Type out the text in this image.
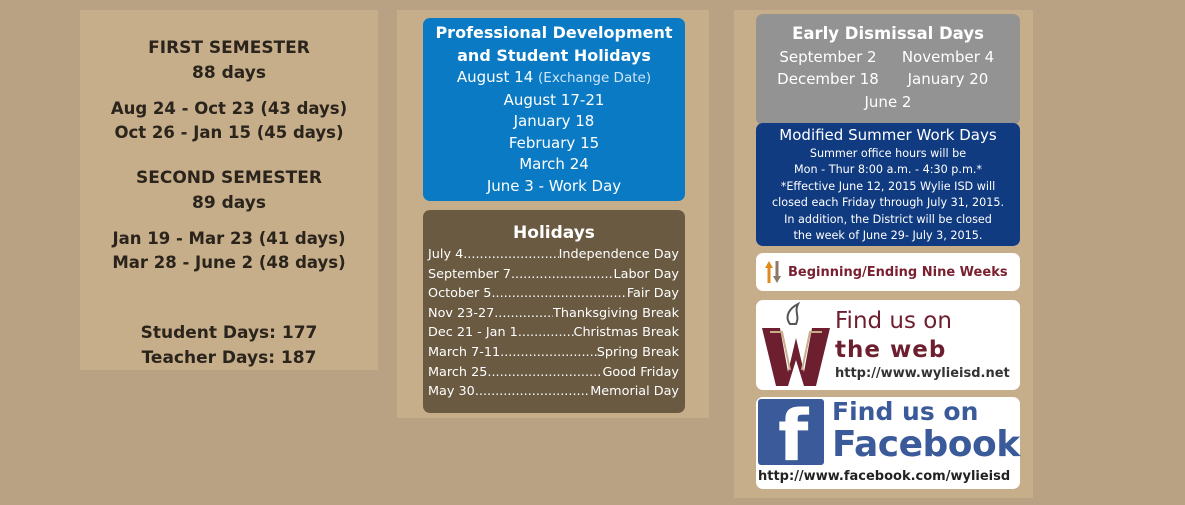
FIRST SEMESTER
88 days
Aug 24 - Oct 23 (43 days)
Oct 26 - Jan 15 (45 days)
SECOND SEMESTER
89 days
Jan 19 - Mar 23 (41 days)
Mar 28 - June 2 (48 days)
Student Days: 177
Teacher Days: 187
Professional Development
and Student Holidays
August 14 (Exchange Date)
August 17-21
January 18
February 15
March 24
June 3 - Work Day
Holidays
July 4 .....	Independence Day
September 7 .....	Labor Day
October 5 .....	Fair Day
Nov 23-27 .....	Thanksgiving Break
Dec 21 - Jan 1 .....	Christmas Break
March 7-11 .....	Spring Break
March 25 .....	Good Friday
May 30 .....	Memorial Day
Early Dismissal Days
September 2	November 4
December 18	January 20
June 2
Modified Summer Work Days
Summer office hours will be
Mon - Thur 8:00 a.m. - 4:30 p.m.*
*Effective June 12, 2015 Wylie ISD will
closed each Friday through July 31, 2015.
In addition, the District will be closed
the week of June 29- July 3, 2015.
Beginning/Ending Nine Weeks
Find us on
the web
http://www.wylieisd.net
f Find us on
Facebook
http://www.facebook.com/wylieisd
